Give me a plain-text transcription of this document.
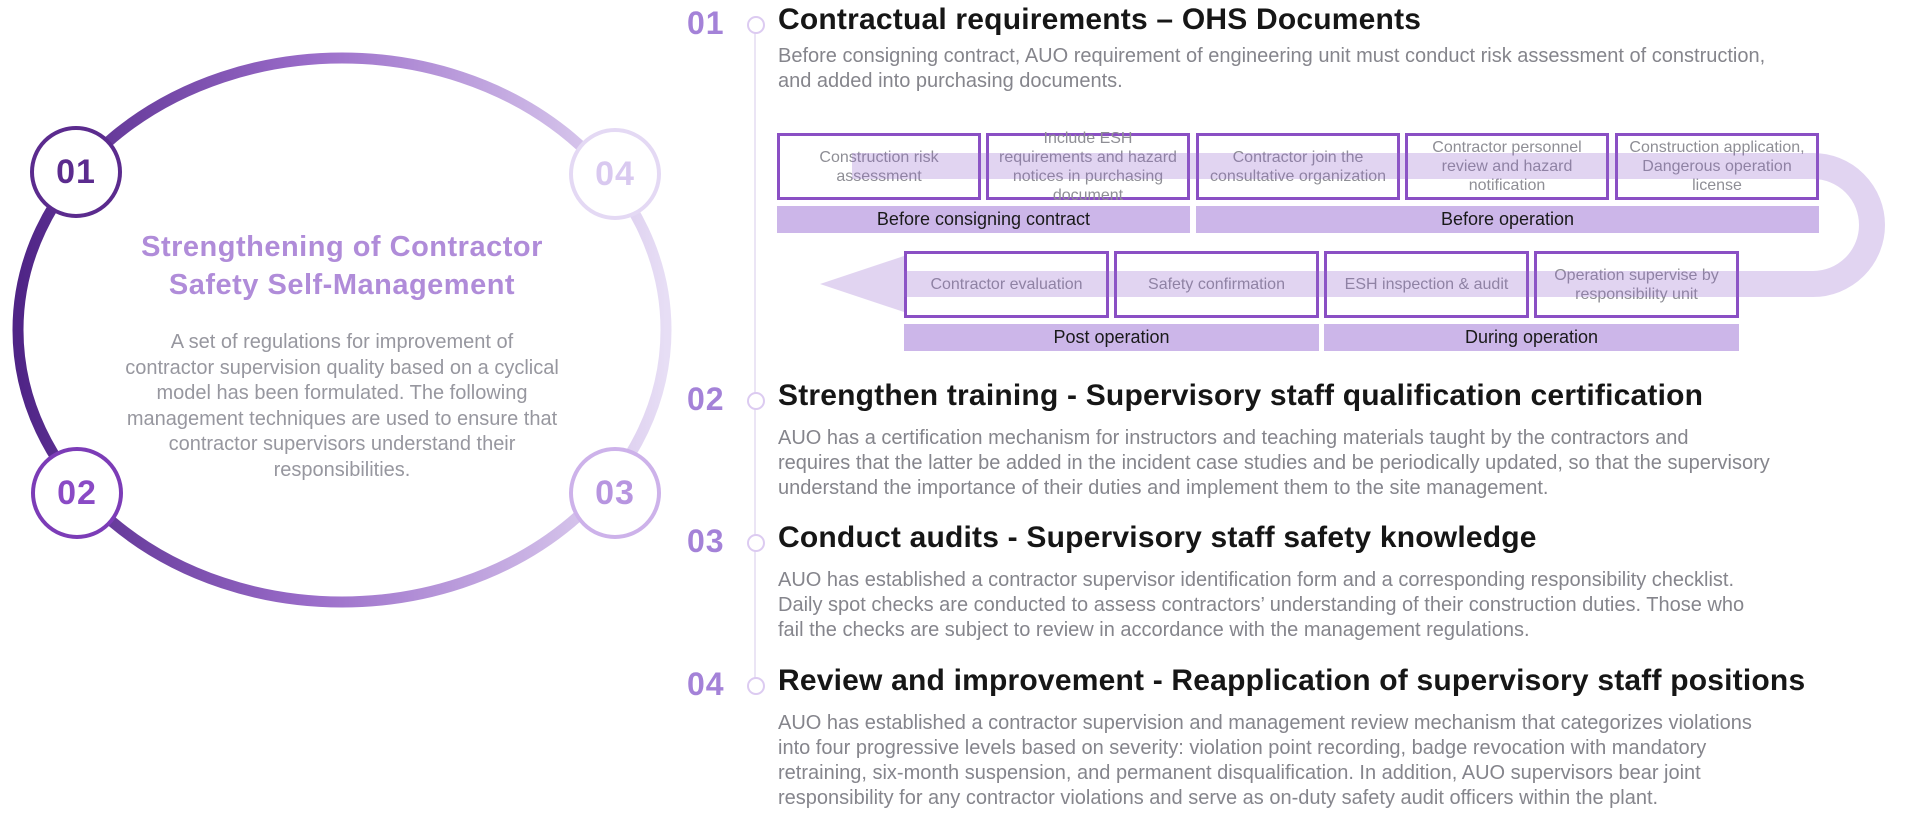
01
02	03
04
Strengthening of Contractor
Safety Self-Management
A set of regulations for improvement of
contractor supervision quality based on a cyclical
model has been formulated. The following
management techniques are used to ensure that
contractor supervisors understand their
responsibilities.
01	Contractual requirements – OHS Documents
Before consigning contract, AUO requirement of engineering unit must conduct risk assessment of construction,
and added into purchasing documents.
Construction risk assessment
Include ESH requirements and hazard notices in purchasing document
Contractor join the consultative organization
Contractor personnel review and hazard notification
Construction application, Dangerous operation license
Before consigning contract	Before operation
Contractor evaluation	Safety confirmation	ESH inspection & audit
Operation supervise by responsibility unit
Post operation	During operation
02	Strengthen training - Supervisory staff qualification certification
AUO has a certification mechanism for instructors and teaching materials taught by the contractors and
requires that the latter be added in the incident case studies and be periodically updated, so that the supervisory
understand the importance of their duties and implement them to the site management.
03	Conduct audits - Supervisory staff safety knowledge
AUO has established a contractor supervisor identification form and a corresponding responsibility checklist.
Daily spot checks are conducted to assess contractors’ understanding of their construction duties. Those who
fail the checks are subject to review in accordance with the management regulations.
04	Review and improvement - Reapplication of supervisory staff positions
AUO has established a contractor supervision and management review mechanism that categorizes violations
into four progressive levels based on severity: violation point recording, badge revocation with mandatory
retraining, six-month suspension, and permanent disqualification. In addition, AUO supervisors bear joint
responsibility for any contractor violations and serve as on-duty safety audit officers within the plant.
